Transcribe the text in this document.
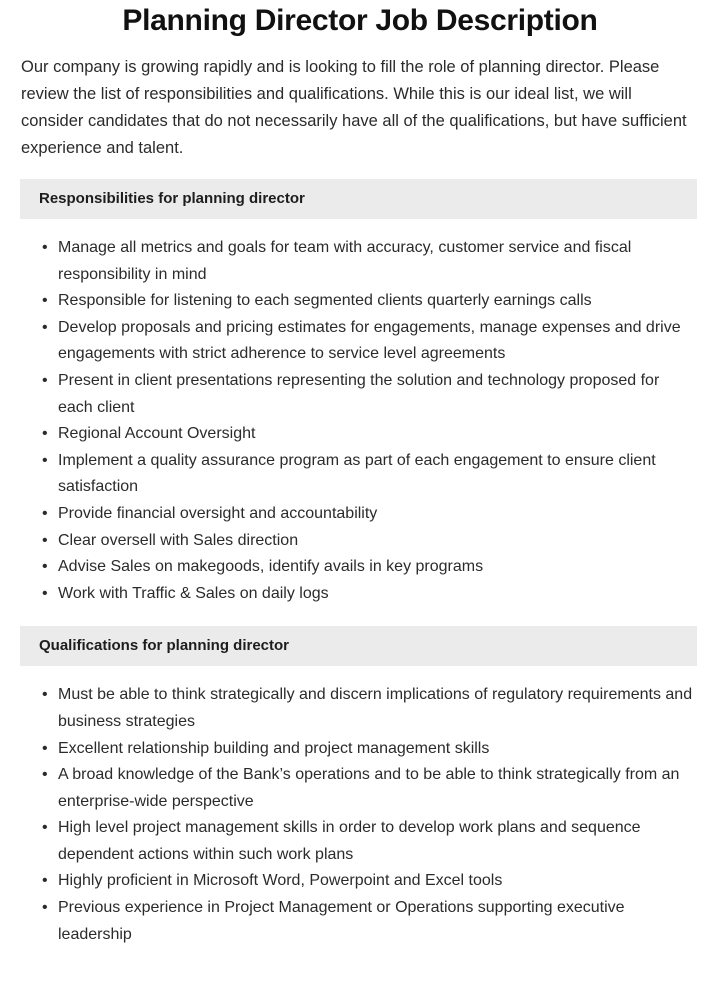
Planning Director Job Description

Our company is growing rapidly and is looking to fill the role of planning director. Please review the list of responsibilities and qualifications. While this is our ideal list, we will consider candidates that do not necessarily have all of the qualifications, but have sufficient experience and talent.

Responsibilities for planning director
• Manage all metrics and goals for team with accuracy, customer service and fiscal responsibility in mind
• Responsible for listening to each segmented clients quarterly earnings calls
• Develop proposals and pricing estimates for engagements, manage expenses and drive engagements with strict adherence to service level agreements
• Present in client presentations representing the solution and technology proposed for each client
• Regional Account Oversight
• Implement a quality assurance program as part of each engagement to ensure client satisfaction
• Provide financial oversight and accountability
• Clear oversell with Sales direction
• Advise Sales on makegoods, identify avails in key programs
• Work with Traffic & Sales on daily logs
Qualifications for planning director
• Must be able to think strategically and discern implications of regulatory requirements and business strategies
• Excellent relationship building and project management skills
• A broad knowledge of the Bank’s operations and to be able to think strategically from an enterprise-wide perspective
• High level project management skills in order to develop work plans and sequence dependent actions within such work plans
• Highly proficient in Microsoft Word, Powerpoint and Excel tools
• Previous experience in Project Management or Operations supporting executive leadership
